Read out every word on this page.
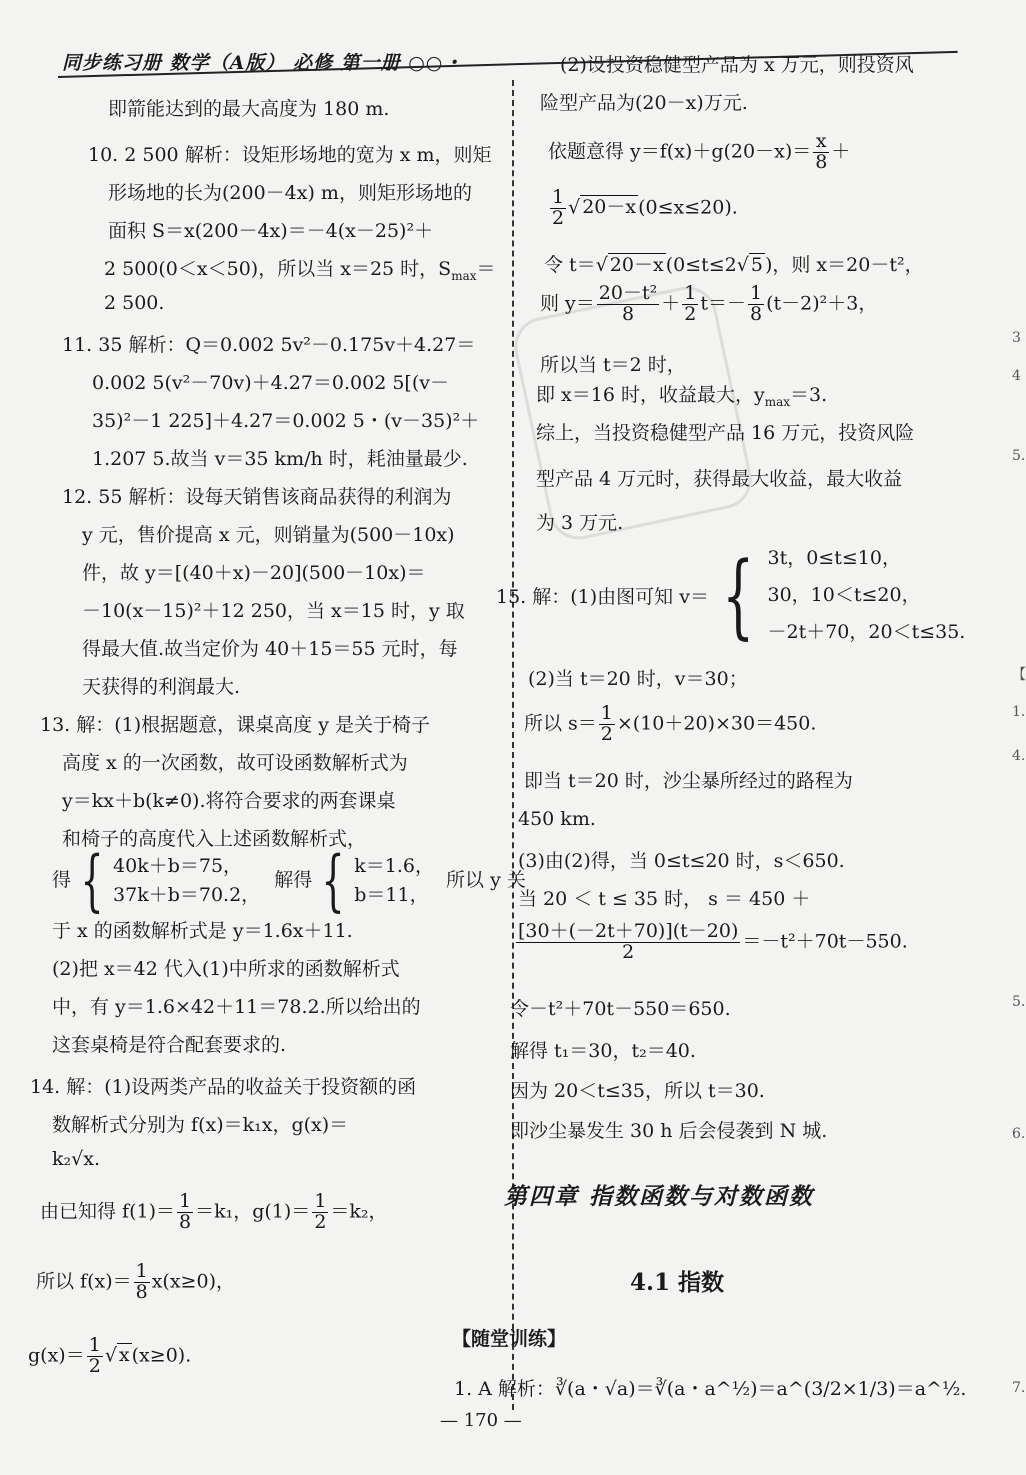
同步练习册 数学（A版） 必修 第一册 ○○・
即箭能达到的最大高度为 180 m.
10. 2 500 解析：设矩形场地的宽为 x m，则矩
形场地的长为(200－4x) m，则矩形场地的
面积 S＝x(200－4x)＝－4(x－25)²＋
2 500(0＜x＜50)，所以当 x＝25 时，$S_{max}=$
2 500.
11. 35 解析：Q＝0.002 5v²－0.175v＋4.27＝
0.002 5(v²－70v)＋4.27＝0.002 5[(v－
35)²－1 225]＋4.27＝0.002 5・(v－35)²＋
1.207 5.故当 v＝35 km/h 时，耗油量最少.
12. 55 解析：设每天销售该商品获得的利润为
y 元，售价提高 x 元，则销量为(500－10x)
件，故 y＝[(40＋x)－20](500－10x)＝
－10(x－15)²＋12 250，当 x＝15 时，y 取
得最大值.故当定价为 40＋15＝55 元时，每
天获得的利润最大.
13. 解：(1)根据题意，课桌高度 y 是关于椅子
高度 x 的一次函数，故可设函数解析式为
y＝kx＋b(k≠0).将符合要求的两套课桌
和椅子的高度代入上述函数解析式，
得 { 40k＋b＝75，
37k＋b＝70.2， 解得 { k＝1.6，
b＝11， 所以 y 关
于 x 的函数解析式是 y＝1.6x＋11.
(2)把 x＝42 代入(1)中所求的函数解析式
中，有 y＝1.6×42＋11＝78.2.所以给出的
这套桌椅是符合配套要求的.
14. 解：(1)设两类产品的收益关于投资额的函
数解析式分别为 f(x)＝k₁x，g(x)＝
k₂√x.
由已知得 $f(1)= \frac{1}{8} =k_1$，$g(1)= \frac{1}{2} =k_2$，
所以 $f(x)= \frac{1}{8} x(x\ge 0)$，
$g(x)= \frac{1}{2}$ √ x (x≥0).
(2)设投资稳健型产品为 x 万元，则投资风
险型产品为(20－x)万元.
依题意得 $y=f(x)+g(20-x)= \frac{x}{8}$ ＋
$\frac{1}{2}$ √ 20－x (0≤x≤20).
令 t＝√ 20－x (0≤t≤2√ 5 )，则 x＝20－t²，
则 $y= \frac{\text{20－t²}}{8} + \frac{1}{2} t=- \frac{1}{8} (t-2)^2+3$，
所以当 t＝2 时，
即 x＝16 时，收益最大，$y_{max}=3$.
综上，当投资稳健型产品 16 万元，投资风险
型产品 4 万元时，获得最大收益，最大收益
为 3 万元.
15. 解：(1)由图可知 v＝ { 3t，0≤t≤10，
30，10＜t≤20，
－2t＋70，20＜t≤35.
(2)当 t＝20 时，v＝30；
所以 $s= \frac{1}{2} \times(10+20)\times 30=450$.
即当 t＝20 时，沙尘暴所经过的路程为
450 km.
(3)由(2)得，当 0≤t≤20 时，s＜650.
当 20 ＜ t ≤ 35 时， s ＝ 450 ＋
$\frac{[30+(-2t+70)](t-20)}{2} =-t^2+70t-550$.
令－t²＋70t－550＝650.
解得 t₁＝30，t₂＝40.
因为 20＜t≤35，所以 t＝30.
即沙尘暴发生 30 h 后会侵袭到 N 城.
第四章 指数函数与对数函数
4.1 指数
【随堂训练】
1. A 解析：∛(a・√a)＝∛(a・a^½)＝a^(3/2×1/3)＝a^½.
— 170 —
3
4
5.
【
1.
4.
5.
6.
7.
